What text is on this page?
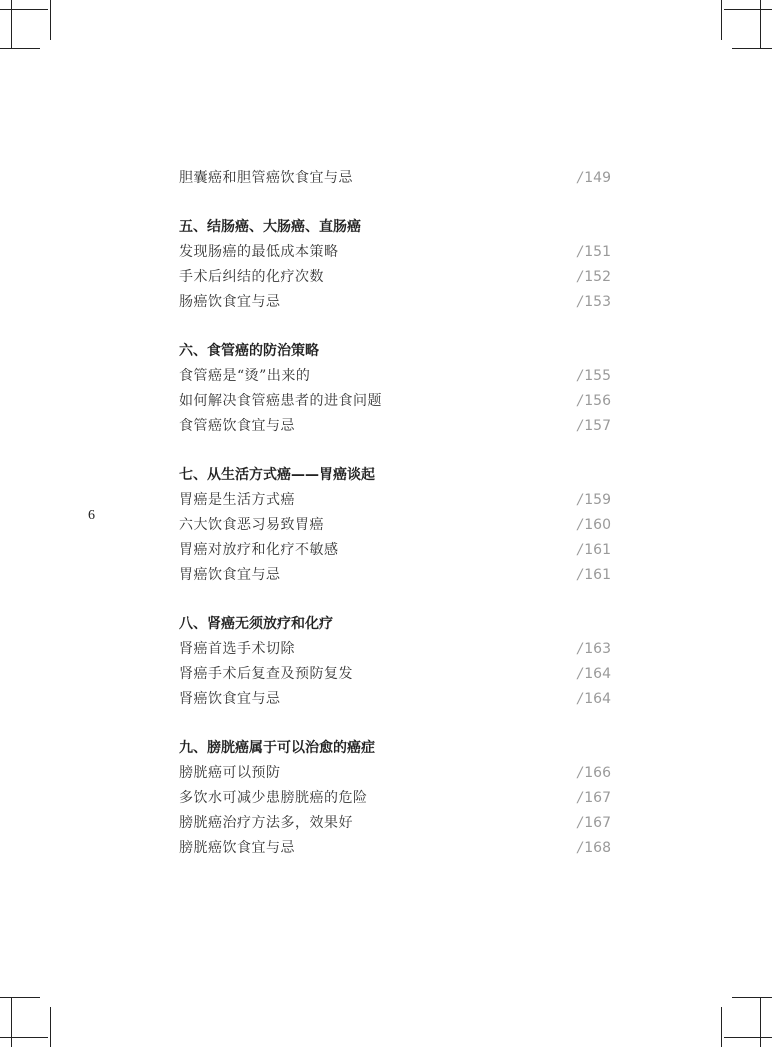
6
胆囊癌和胆管癌饮食宜与忌	/ 149
五、结肠癌、大肠癌、直肠癌
发现肠癌的最低成本策略	/ 151
手术后纠结的化疗次数	/ 152
肠癌饮食宜与忌	/ 153
六、食管癌的防治策略
食管癌是“烫”出来的	/ 155
如何解决食管癌患者的进食问题	/ 156
食管癌饮食宜与忌	/ 157
七、从生活方式癌——胃癌谈起
胃癌是生活方式癌	/ 159
六大饮食恶习易致胃癌	/ 160
胃癌对放疗和化疗不敏感	/ 161
胃癌饮食宜与忌	/ 161
八、肾癌无须放疗和化疗
肾癌首选手术切除	/ 163
肾癌手术后复查及预防复发	/ 164
肾癌饮食宜与忌	/ 164
九、膀胱癌属于可以治愈的癌症
膀胱癌可以预防	/ 166
多饮水可减少患膀胱癌的危险	/ 167
膀胱癌治疗方法多，效果好	/ 167
膀胱癌饮食宜与忌	/ 168
